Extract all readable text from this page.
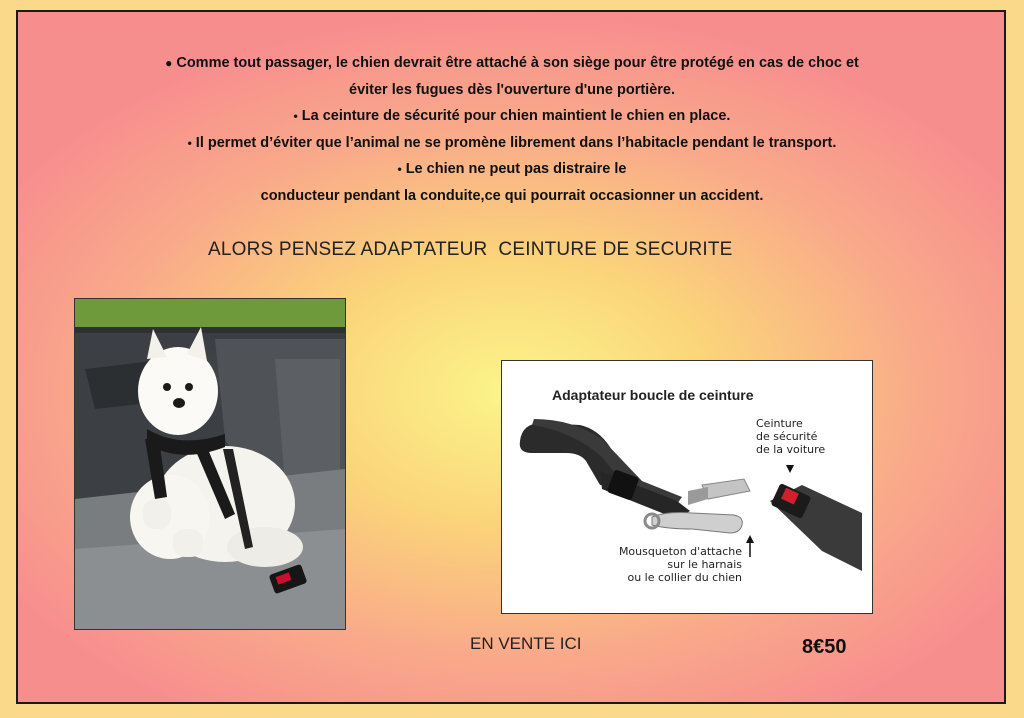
● Comme tout passager, le chien devrait être attaché à son siège pour être protégé en cas de choc et
éviter les fugues dès l'ouverture d'une portière.
• La ceinture de sécurité pour chien maintient le chien en place.
• Il permet d’éviter que l’animal ne se promène librement dans l’habitacle pendant le transport.
• Le chien ne peut pas distraire le
conducteur pendant la conduite,ce qui pourrait occasionner un accident.
ALORS PENSEZ ADAPTATEUR  CEINTURE DE SECURITE
Adaptateur boucle de ceinture
Ceinture
de sécurité
de la voiture
Mousqueton d'attache
sur le harnais
ou le collier du chien
EN VENTE ICI	8€50
